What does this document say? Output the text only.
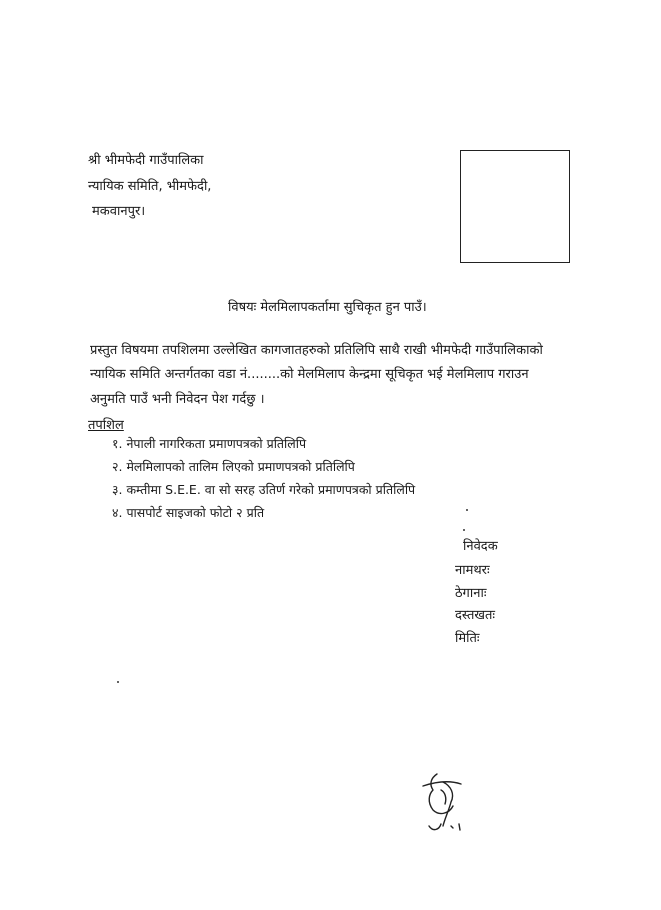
श्री भीमफेदी गाउँपालिका
न्यायिक समिति, भीमफेदी,
मकवानपुर।
विषयः मेलमिलापकर्तामा सुचिकृत हुन पाउँ।
प्रस्तुत विषयमा तपशिलमा उल्लेखित कागजातहरुको प्रतिलिपि साथै राखी भीमफेदी गाउँपालिकाको
न्यायिक समिति अन्तर्गतका वडा नं........को मेलमिलाप केन्द्रमा सूचिकृत भई मेलमिलाप गराउन
अनुमति पाउँ भनी निवेदन पेश गर्दछु ।
तपशिल
१. नेपाली नागरिकता प्रमाणपत्रको प्रतिलिपि
२. मेलमिलापको तालिम लिएको प्रमाणपत्रको प्रतिलिपि
३. कम्तीमा S.E.E. वा सो सरह उतिर्ण गरेको प्रमाणपत्रको प्रतिलिपि
४. पासपोर्ट साइजको फोटो २ प्रति
निवेदक
नामथरः
ठेगानाः
दस्तखतः
मितिः
